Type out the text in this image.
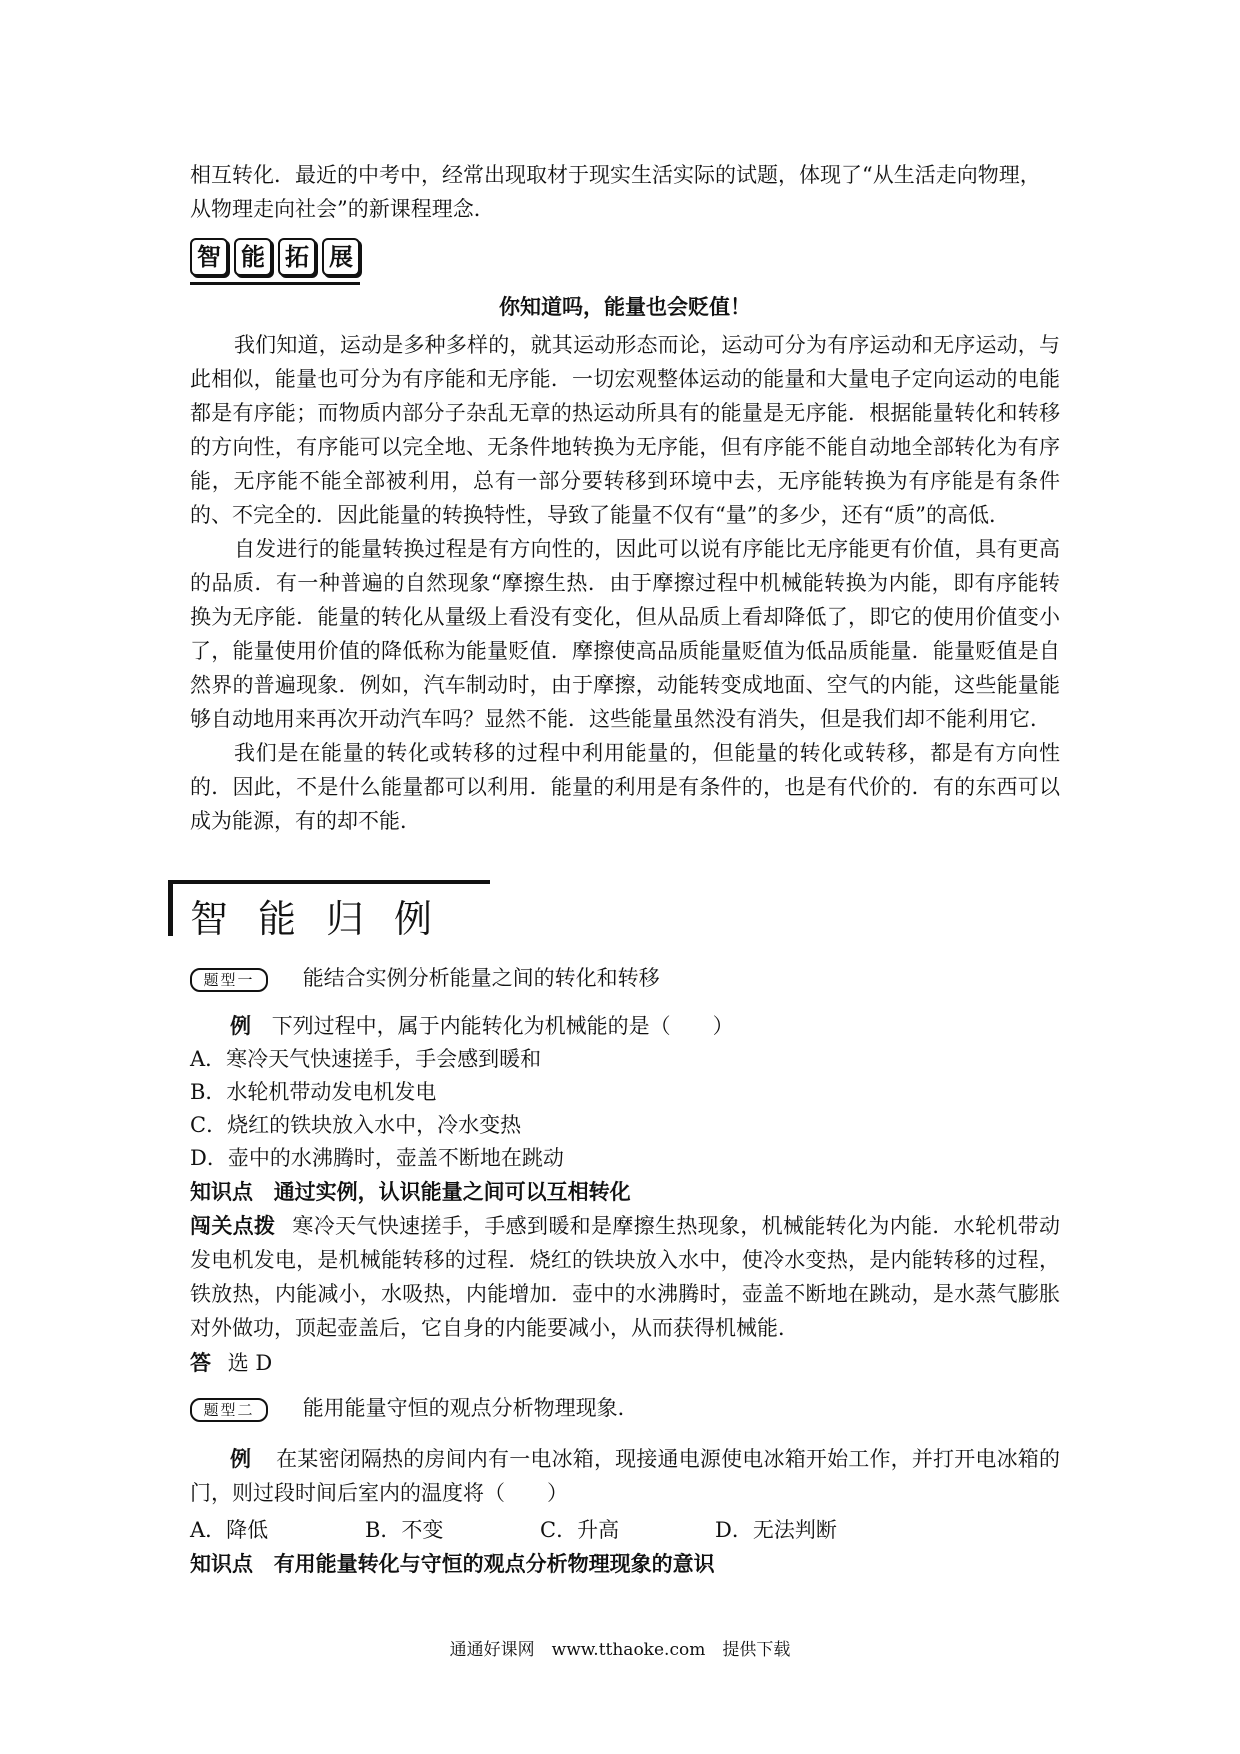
相互转化．最近的中考中，经常出现取材于现实生活实际的试题，体现了“从生活走向物理，

从物理走向社会”的新课程理念．

智 能 拓 展
你知道吗，能量也会贬值！

我们知道，运动是多种多样的，就其运动形态而论，运动可分为有序运动和无序运动，与此相似，能量也可分为有序能和无序能．一切宏观整体运动的能量和大量电子定向运动的电能都是有序能；而物质内部分子杂乱无章的热运动所具有的能量是无序能．根据能量转化和转移的方向性，有序能可以完全地、无条件地转换为无序能，但有序能不能自动地全部转化为有序能，无序能不能全部被利用，总有一部分要转移到环境中去，无序能转换为有序能是有条件的、不完全的．因此能量的转换特性，导致了能量不仅有“量”的多少，还有“质”的高低．

自发进行的能量转换过程是有方向性的，因此可以说有序能比无序能更有价值，具有更高的品质．有一种普遍的自然现象“摩擦生热．由于摩擦过程中机械能转换为内能，即有序能转换为无序能．能量的转化从量级上看没有变化，但从品质上看却降低了，即它的使用价值变小了，能量使用价值的降低称为能量贬值．摩擦使高品质能量贬值为低品质能量．能量贬值是自然界的普遍现象．例如，汽车制动时，由于摩擦，动能转变成地面、空气的内能，这些能量能够自动地用来再次开动汽车吗？显然不能．这些能量虽然没有消失，但是我们却不能利用它．

我们是在能量的转化或转移的过程中利用能量的，但能量的转化或转移，都是有方向性的．因此，不是什么能量都可以利用．能量的利用是有条件的，也是有代价的．有的东西可以成为能源，有的却不能．

智能归例
题型一 能结合实例分析能量之间的转化和转移

例 下列过程中，属于内能转化为机械能的是（　　）

A．寒冷天气快速搓手，手会感到暖和

B．水轮机带动发电机发电

C．烧红的铁块放入水中，冷水变热

D．壶中的水沸腾时，壶盖不断地在跳动

知识点 通过实例，认识能量之间可以互相转化

闯关点拨 寒冷天气快速搓手，手感到暖和是摩擦生热现象，机械能转化为内能．水轮机带动发电机发电，是机械能转移的过程．烧红的铁块放入水中，使冷水变热，是内能转移的过程，铁放热，内能减小，水吸热，内能增加．壶中的水沸腾时，壶盖不断地在跳动，是水蒸气膨胀对外做功，顶起壶盖后，它自身的内能要减小，从而获得机械能．

答 选 D

题型二 能用能量守恒的观点分析物理现象．

例 在某密闭隔热的房间内有一电冰箱，现接通电源使电冰箱开始工作，并打开电冰箱的门，则过段时间后室内的温度将（　　）

A．降低	B．不变	C．升高	D．无法判断

知识点 有用能量转化与守恒的观点分析物理现象的意识

通通好课网　www.tthaoke.com　提供下载
